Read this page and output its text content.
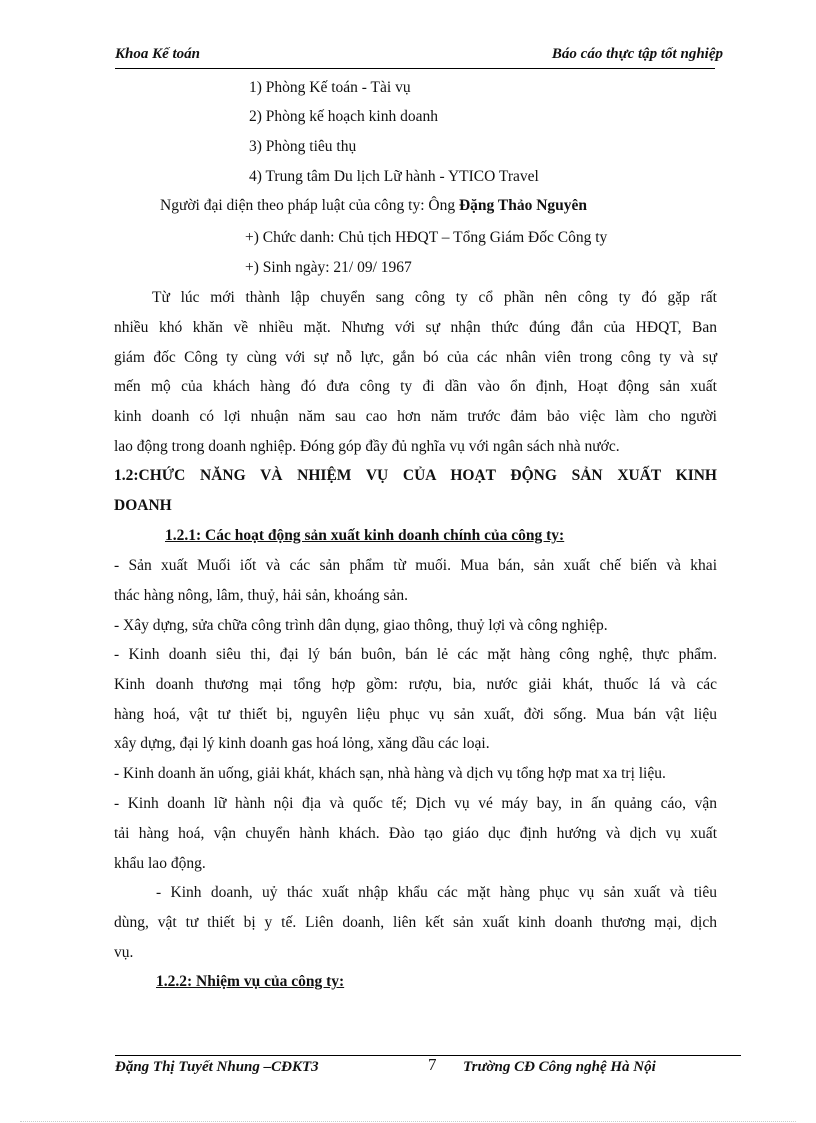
Khoa Kế toán	Báo cáo thực tập tốt nghiệp
1) Phòng Kế toán - Tài vụ
2) Phòng kế hoạch kinh doanh
3) Phòng tiêu thụ
4) Trung tâm Du lịch Lữ hành - YTICO Travel
Người đại diện theo pháp luật của công ty: Ông Đặng Thảo Nguyên
+) Chức danh: Chủ tịch HĐQT – Tổng Giám Đốc Công ty
+) Sinh ngày: 21/ 09/ 1967
Từ lúc mới thành lập chuyển sang công ty cổ phần nên công ty đó gặp rất
nhiều khó khăn về nhiều mặt. Nhưng với sự nhận thức đúng đắn của HĐQT, Ban
giám đốc Công ty cùng với sự nỗ lực, gắn bó của các nhân viên trong công ty và sự
mến mộ của khách hàng đó đưa công ty đi dần vào ổn định, Hoạt động sản xuất
kinh doanh có lợi nhuận năm sau cao hơn năm trước đảm bảo việc làm cho người
lao động trong doanh nghiệp. Đóng góp đầy đủ nghĩa vụ với ngân sách nhà nước.
1.2:CHỨC NĂNG VÀ NHIỆM VỤ CỦA HOẠT ĐỘNG SẢN XUẤT KINH
DOANH
1.2.1: Các hoạt động sản xuất kinh doanh chính của công ty:
- Sản xuất Muối iốt và các sản phẩm từ muối. Mua bán, sản xuất chế biến và khai
thác hàng nông, lâm, thuỷ, hải sản, khoáng sản.
- Xây dựng, sửa chữa công trình dân dụng, giao thông, thuỷ lợi và công nghiệp.
- Kinh doanh siêu thi, đại lý bán buôn, bán lẻ các mặt hàng công nghệ, thực phẩm.
Kinh doanh thương mại tổng hợp gồm: rượu, bia, nước giải khát, thuốc lá và các
hàng hoá, vật tư thiết bị, nguyên liệu phục vụ sản xuất, đời sống. Mua bán vật liệu
xây dựng, đại lý kinh doanh gas hoá lỏng, xăng dầu các loại.
- Kinh doanh ăn uống, giải khát, khách sạn, nhà hàng và dịch vụ tổng hợp mat xa trị liệu.
- Kinh doanh lữ hành nội địa và quốc tế; Dịch vụ vé máy bay, in ấn quảng cáo, vận
tải hàng hoá, vận chuyển hành khách. Đào tạo giáo dục định hướng và dịch vụ xuất
khẩu lao động.
- Kinh doanh, uỷ thác xuất nhập khẩu các mặt hàng phục vụ sản xuất và tiêu
dùng, vật tư thiết bị y tế. Liên doanh, liên kết sản xuất kinh doanh thương mại, dịch
vụ.
1.2.2: Nhiệm vụ của công ty:
Đặng Thị Tuyết Nhung –CĐKT3	7 Trường CĐ Công nghệ Hà Nội
